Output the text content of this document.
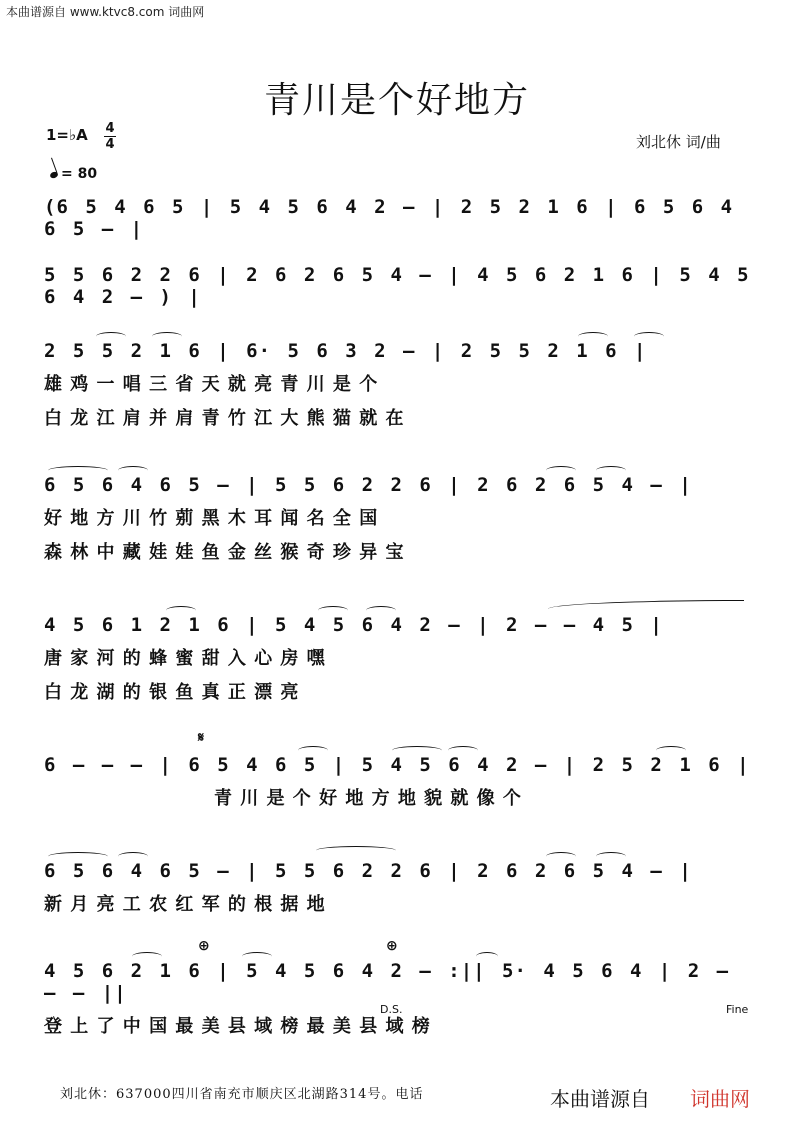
本曲谱源自 www.ktvc8.com 词曲网
青川是个好地方
1=♭A 4
4
= 80
刘北休 词/曲
(6 5 4 6 5 | 5 4 5 6 4 2 — | 2 5 2 1 6 | 6 5 6 4 6 5 — |
5 5 6 2 2 6 | 2 6 2 6 5 4 — | 4 5 6 2 1 6 | 5 4 5 6 4 2 — ) |
2 5 5 2 1 6 | 6· 5 6 3 2 — | 2 5 5 2 1 6 |
雄 鸡 一 唱 三 省 天 就 亮 青 川 是 个
白 龙 江 肩 并 肩 青 竹 江 大 熊 猫 就 在
6 5 6 4 6 5 — | 5 5 6 2 2 6 | 2 6 2 6 5 4 — |
好 地 方 川 竹 莂 黑 木 耳 闻 名 全 国
森 林 中 藏 娃 娃 鱼 金 丝 猴 奇 珍 异 宝
4 5 6 1 2 1 6 | 5 4 5 6 4 2 — | 2 — — 4 5 |
唐 家 河 的 蜂 蜜 甜 入 心 房 嘿
白 龙 湖 的 银 鱼 真 正 漂 亮
𝄋
6 — — — | 6 5 4 6 5 | 5 4 5 6 4 2 — | 2 5 2 1 6 |
青 川 是 个 好 地 方 地 貌 就 像 个
6 5 6 4 6 5 — | 5 5 6 2 2 6 | 2 6 2 6 5 4 — |
新 月 亮 工 农 红 军 的 根 据 地
⊕	⊕
4 5 6 2 1 6 | 5 4 5 6 4 2 — :|| 5· 4 5 6 4 | 2 — — — ||
登 上 了 中 国 最 美 县 域 榜 最 美 县 域 榜
D.S.	Fine
刘北休：637000四川省南充市顺庆区北湖路314号。电话	本曲谱源自 词曲网
